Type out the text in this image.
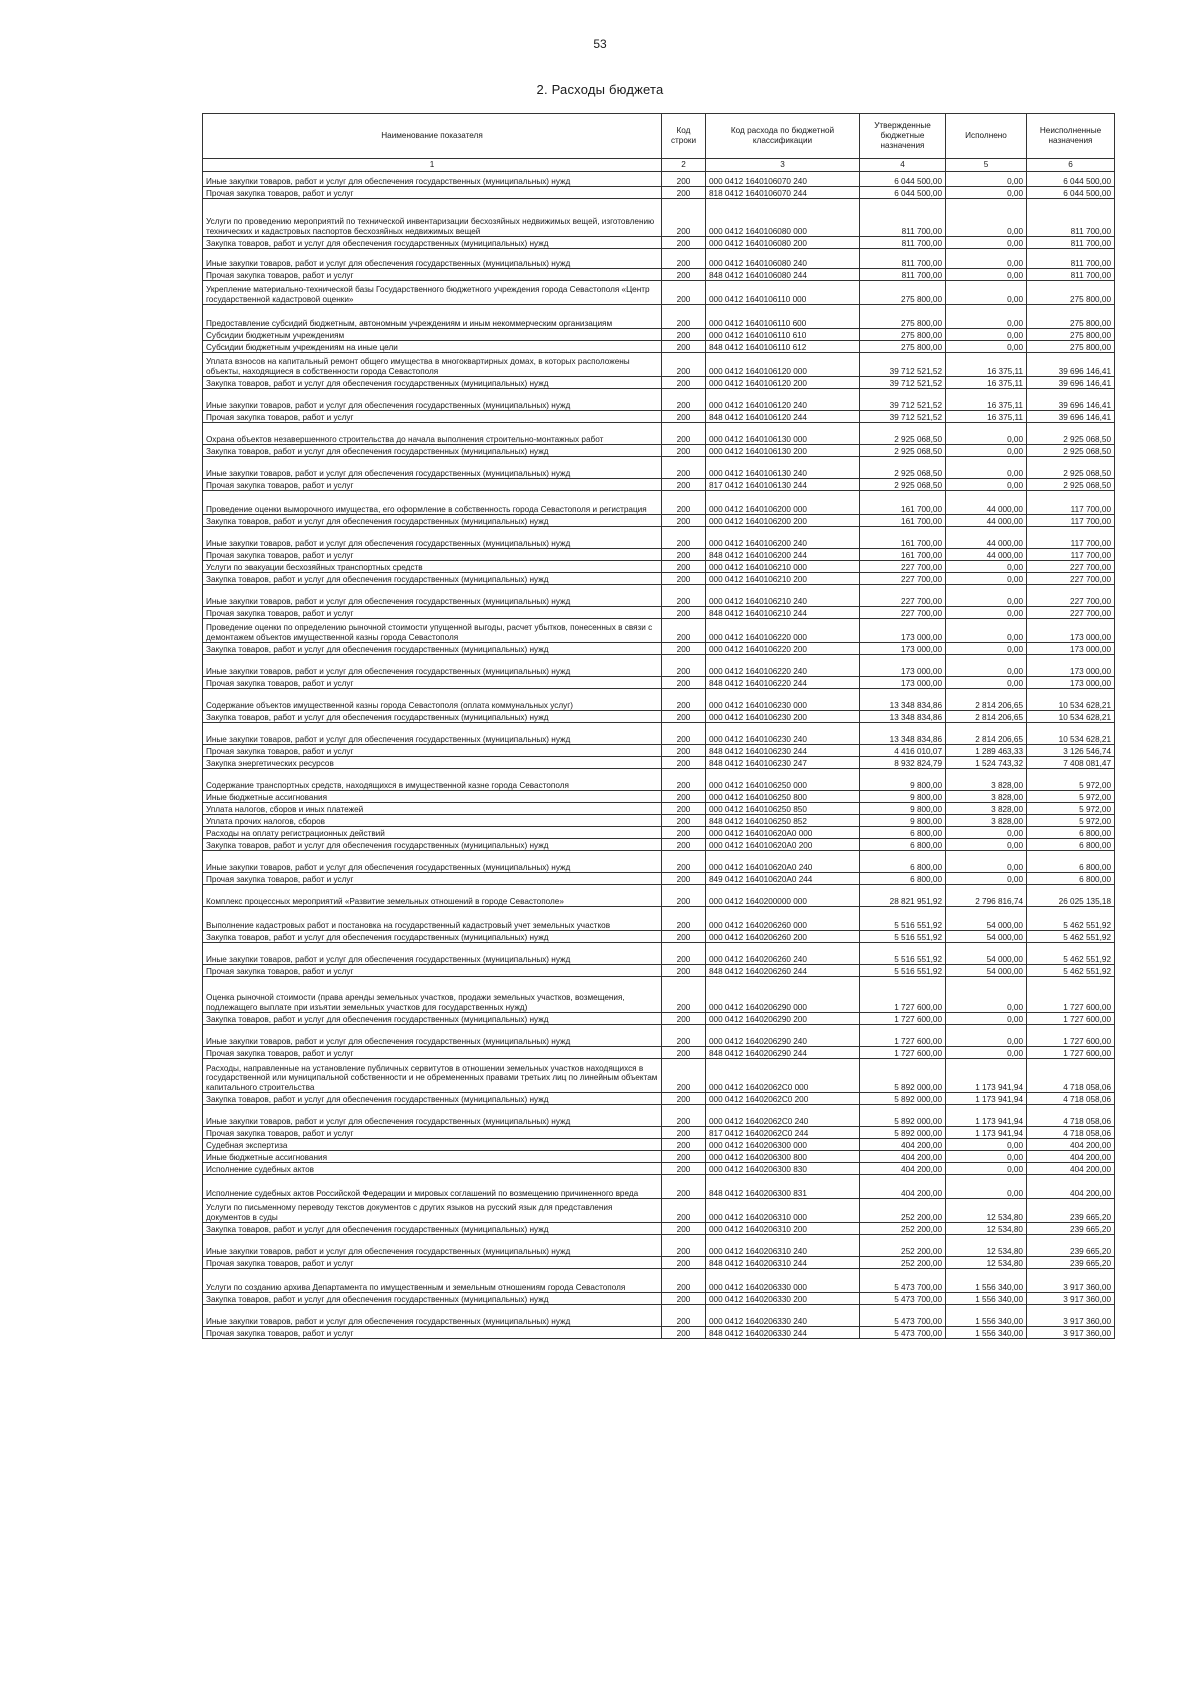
53
2. Расходы бюджета
Наименование показателя	Код строки	Код расхода по бюджетной классификации	Утвержденные бюджетные назначения	Исполнено	Неисполненные назначения
1	2	3	4	5	6
Иные закупки товаров, работ и услуг для обеспечения государственных (муниципальных) нужд	200	000 0412 1640106070 240	6 044 500,00	0,00	6 044 500,00
Прочая закупка товаров, работ и услуг	200	818 0412 1640106070 244	6 044 500,00	0,00	6 044 500,00
Услуги по проведению мероприятий по технической инвентаризации бесхозяйных недвижимых вещей, изготовлению технических и кадастровых паспортов бесхозяйных недвижимых вещей	200	000 0412 1640106080 000	811 700,00	0,00	811 700,00
Закупка товаров, работ и услуг для обеспечения государственных (муниципальных) нужд	200	000 0412 1640106080 200	811 700,00	0,00	811 700,00
Иные закупки товаров, работ и услуг для обеспечения государственных (муниципальных) нужд	200	000 0412 1640106080 240	811 700,00	0,00	811 700,00
Прочая закупка товаров, работ и услуг	200	848 0412 1640106080 244	811 700,00	0,00	811 700,00
Укрепление материально-технической базы Государственного бюджетного учреждения города Севастополя «Центр государственной кадастровой оценки»	200	000 0412 1640106110 000	275 800,00	0,00	275 800,00
Предоставление субсидий бюджетным, автономным учреждениям и иным некоммерческим организациям	200	000 0412 1640106110 600	275 800,00	0,00	275 800,00
Субсидии бюджетным учреждениям	200	000 0412 1640106110 610	275 800,00	0,00	275 800,00
Субсидии бюджетным учреждениям на иные цели	200	848 0412 1640106110 612	275 800,00	0,00	275 800,00
Уплата взносов на капитальный ремонт общего имущества в многоквартирных домах, в которых расположены объекты, находящиеся в собственности города Севастополя	200	000 0412 1640106120 000	39 712 521,52	16 375,11	39 696 146,41
Закупка товаров, работ и услуг для обеспечения государственных (муниципальных) нужд	200	000 0412 1640106120 200	39 712 521,52	16 375,11	39 696 146,41
Иные закупки товаров, работ и услуг для обеспечения государственных (муниципальных) нужд	200	000 0412 1640106120 240	39 712 521,52	16 375,11	39 696 146,41
Прочая закупка товаров, работ и услуг	200	848 0412 1640106120 244	39 712 521,52	16 375,11	39 696 146,41
Охрана объектов незавершенного строительства до начала выполнения строительно-монтажных работ	200	000 0412 1640106130 000	2 925 068,50	0,00	2 925 068,50
Закупка товаров, работ и услуг для обеспечения государственных (муниципальных) нужд	200	000 0412 1640106130 200	2 925 068,50	0,00	2 925 068,50
Иные закупки товаров, работ и услуг для обеспечения государственных (муниципальных) нужд	200	000 0412 1640106130 240	2 925 068,50	0,00	2 925 068,50
Прочая закупка товаров, работ и услуг	200	817 0412 1640106130 244	2 925 068,50	0,00	2 925 068,50
Проведение оценки выморочного имущества, его оформление в собственность города Севастополя и регистрация	200	000 0412 1640106200 000	161 700,00	44 000,00	117 700,00
Закупка товаров, работ и услуг для обеспечения государственных (муниципальных) нужд	200	000 0412 1640106200 200	161 700,00	44 000,00	117 700,00
Иные закупки товаров, работ и услуг для обеспечения государственных (муниципальных) нужд	200	000 0412 1640106200 240	161 700,00	44 000,00	117 700,00
Прочая закупка товаров, работ и услуг	200	848 0412 1640106200 244	161 700,00	44 000,00	117 700,00
Услуги по эвакуации бесхозяйных транспортных средств	200	000 0412 1640106210 000	227 700,00	0,00	227 700,00
Закупка товаров, работ и услуг для обеспечения государственных (муниципальных) нужд	200	000 0412 1640106210 200	227 700,00	0,00	227 700,00
Иные закупки товаров, работ и услуг для обеспечения государственных (муниципальных) нужд	200	000 0412 1640106210 240	227 700,00	0,00	227 700,00
Прочая закупка товаров, работ и услуг	200	848 0412 1640106210 244	227 700,00	0,00	227 700,00
Проведение оценки по определению рыночной стоимости упущенной выгоды, расчет убытков, понесенных в связи с демонтажем объектов имущественной казны города Севастополя	200	000 0412 1640106220 000	173 000,00	0,00	173 000,00
Закупка товаров, работ и услуг для обеспечения государственных (муниципальных) нужд	200	000 0412 1640106220 200	173 000,00	0,00	173 000,00
Иные закупки товаров, работ и услуг для обеспечения государственных (муниципальных) нужд	200	000 0412 1640106220 240	173 000,00	0,00	173 000,00
Прочая закупка товаров, работ и услуг	200	848 0412 1640106220 244	173 000,00	0,00	173 000,00
Содержание объектов имущественной казны города Севастополя (оплата коммунальных услуг)	200	000 0412 1640106230 000	13 348 834,86	2 814 206,65	10 534 628,21
Закупка товаров, работ и услуг для обеспечения государственных (муниципальных) нужд	200	000 0412 1640106230 200	13 348 834,86	2 814 206,65	10 534 628,21
Иные закупки товаров, работ и услуг для обеспечения государственных (муниципальных) нужд	200	000 0412 1640106230 240	13 348 834,86	2 814 206,65	10 534 628,21
Прочая закупка товаров, работ и услуг	200	848 0412 1640106230 244	4 416 010,07	1 289 463,33	3 126 546,74
Закупка энергетических ресурсов	200	848 0412 1640106230 247	8 932 824,79	1 524 743,32	7 408 081,47
Содержание транспортных средств, находящихся в имущественной казне города Севастополя	200	000 0412 1640106250 000	9 800,00	3 828,00	5 972,00
Иные бюджетные ассигнования	200	000 0412 1640106250 800	9 800,00	3 828,00	5 972,00
Уплата налогов, сборов и иных платежей	200	000 0412 1640106250 850	9 800,00	3 828,00	5 972,00
Уплата прочих налогов, сборов	200	848 0412 1640106250 852	9 800,00	3 828,00	5 972,00
Расходы на оплату регистрационных действий	200	000 0412 164010620А0 000	6 800,00	0,00	6 800,00
Закупка товаров, работ и услуг для обеспечения государственных (муниципальных) нужд	200	000 0412 164010620А0 200	6 800,00	0,00	6 800,00
Иные закупки товаров, работ и услуг для обеспечения государственных (муниципальных) нужд	200	000 0412 164010620А0 240	6 800,00	0,00	6 800,00
Прочая закупка товаров, работ и услуг	200	849 0412 164010620А0 244	6 800,00	0,00	6 800,00
Комплекс процессных мероприятий «Развитие земельных отношений в городе Севастополе»	200	000 0412 1640200000 000	28 821 951,92	2 796 816,74	26 025 135,18
Выполнение кадастровых работ и постановка на государственный кадастровый учет земельных участков	200	000 0412 1640206260 000	5 516 551,92	54 000,00	5 462 551,92
Закупка товаров, работ и услуг для обеспечения государственных (муниципальных) нужд	200	000 0412 1640206260 200	5 516 551,92	54 000,00	5 462 551,92
Иные закупки товаров, работ и услуг для обеспечения государственных (муниципальных) нужд	200	000 0412 1640206260 240	5 516 551,92	54 000,00	5 462 551,92
Прочая закупка товаров, работ и услуг	200	848 0412 1640206260 244	5 516 551,92	54 000,00	5 462 551,92
Оценка рыночной стоимости (права аренды земельных участков, продажи земельных участков, возмещения, подлежащего выплате при изъятии земельных участков для государственных нужд)	200	000 0412 1640206290 000	1 727 600,00	0,00	1 727 600,00
Закупка товаров, работ и услуг для обеспечения государственных (муниципальных) нужд	200	000 0412 1640206290 200	1 727 600,00	0,00	1 727 600,00
Иные закупки товаров, работ и услуг для обеспечения государственных (муниципальных) нужд	200	000 0412 1640206290 240	1 727 600,00	0,00	1 727 600,00
Прочая закупка товаров, работ и услуг	200	848 0412 1640206290 244	1 727 600,00	0,00	1 727 600,00
Расходы, направленные на установление публичных сервитутов в отношении земельных участков находящихся в государственной или муниципальной собственности и не обремененных правами третьих лиц по линейным объектам капитального строительства	200	000 0412 16402062С0 000	5 892 000,00	1 173 941,94	4 718 058,06
Закупка товаров, работ и услуг для обеспечения государственных (муниципальных) нужд	200	000 0412 16402062С0 200	5 892 000,00	1 173 941,94	4 718 058,06
Иные закупки товаров, работ и услуг для обеспечения государственных (муниципальных) нужд	200	000 0412 16402062С0 240	5 892 000,00	1 173 941,94	4 718 058,06
Прочая закупка товаров, работ и услуг	200	817 0412 16402062С0 244	5 892 000,00	1 173 941,94	4 718 058,06
Судебная экспертиза	200	000 0412 1640206300 000	404 200,00	0,00	404 200,00
Иные бюджетные ассигнования	200	000 0412 1640206300 800	404 200,00	0,00	404 200,00
Исполнение судебных актов	200	000 0412 1640206300 830	404 200,00	0,00	404 200,00
Исполнение судебных актов Российской Федерации и мировых соглашений по возмещению причиненного вреда	200	848 0412 1640206300 831	404 200,00	0,00	404 200,00
Услуги по письменному переводу текстов документов с других языков на русский язык для представления документов в суды	200	000 0412 1640206310 000	252 200,00	12 534,80	239 665,20
Закупка товаров, работ и услуг для обеспечения государственных (муниципальных) нужд	200	000 0412 1640206310 200	252 200,00	12 534,80	239 665,20
Иные закупки товаров, работ и услуг для обеспечения государственных (муниципальных) нужд	200	000 0412 1640206310 240	252 200,00	12 534,80	239 665,20
Прочая закупка товаров, работ и услуг	200	848 0412 1640206310 244	252 200,00	12 534,80	239 665,20
Услуги по созданию архива Департамента по имущественным и земельным отношениям города Севастополя	200	000 0412 1640206330 000	5 473 700,00	1 556 340,00	3 917 360,00
Закупка товаров, работ и услуг для обеспечения государственных (муниципальных) нужд	200	000 0412 1640206330 200	5 473 700,00	1 556 340,00	3 917 360,00
Иные закупки товаров, работ и услуг для обеспечения государственных (муниципальных) нужд	200	000 0412 1640206330 240	5 473 700,00	1 556 340,00	3 917 360,00
Прочая закупка товаров, работ и услуг	200	848 0412 1640206330 244	5 473 700,00	1 556 340,00	3 917 360,00
